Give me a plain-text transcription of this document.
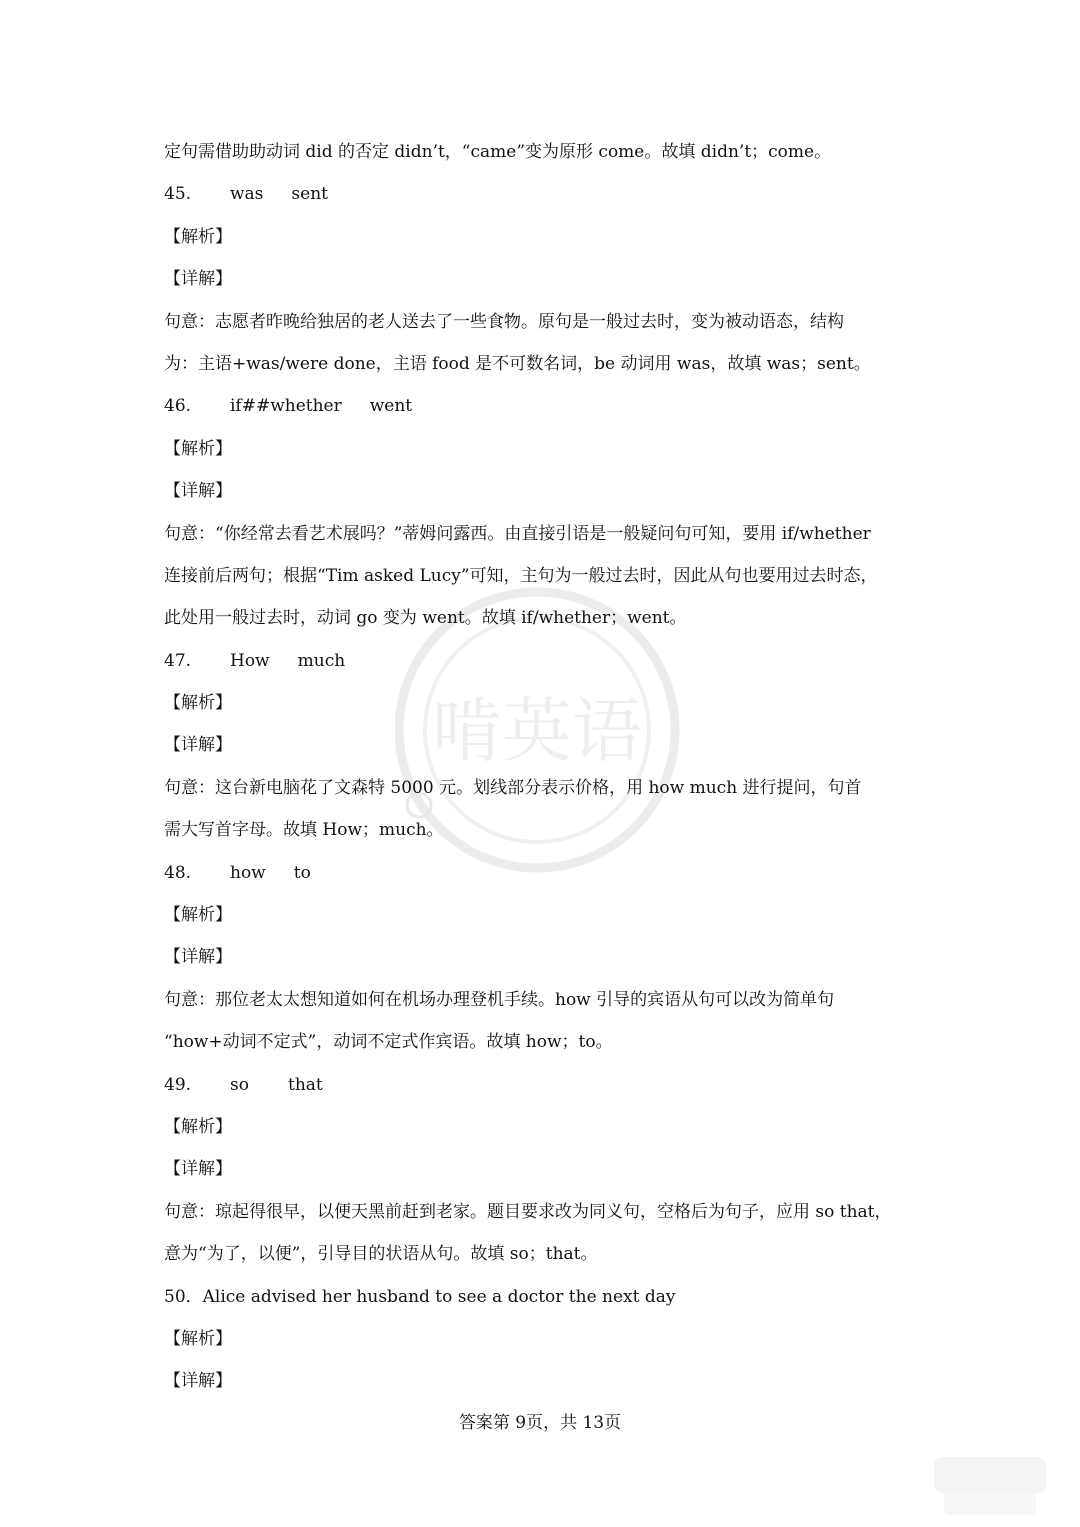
啃英语
定句需借助助动词 did 的否定 didn’t，“came”变为原形 come。故填 didn’t；come。
45. was sent
【解析】
【详解】
句意：志愿者昨晚给独居的老人送去了一些食物。原句是一般过去时，变为被动语态，结构
为：主语+was/were done，主语 food 是不可数名词，be 动词用 was，故填 was；sent。
46. if##whether went
【解析】
【详解】
句意：“你经常去看艺术展吗？”蒂姆问露西。由直接引语是一般疑问句可知，要用 if/whether
连接前后两句；根据“Tim asked Lucy”可知，主句为一般过去时，因此从句也要用过去时态，
此处用一般过去时，动词 go 变为 went。故填 if/whether；went。
47. How much
【解析】
【详解】
句意：这台新电脑花了文森特 5000 元。划线部分表示价格，用 how much 进行提问，句首
需大写首字母。故填 How；much。
48. how to
【解析】
【详解】
句意：那位老太太想知道如何在机场办理登机手续。how 引导的宾语从句可以改为简单句
“how+动词不定式”，动词不定式作宾语。故填 how；to。
49. so that
【解析】
【详解】
句意：琼起得很早，以便天黑前赶到老家。题目要求改为同义句，空格后为句子，应用 so that，
意为“为了，以便”，引导目的状语从句。故填 so；that。
50．Alice advised her husband to see a doctor the next day
【解析】
【详解】
答案第 9页，共 13页
